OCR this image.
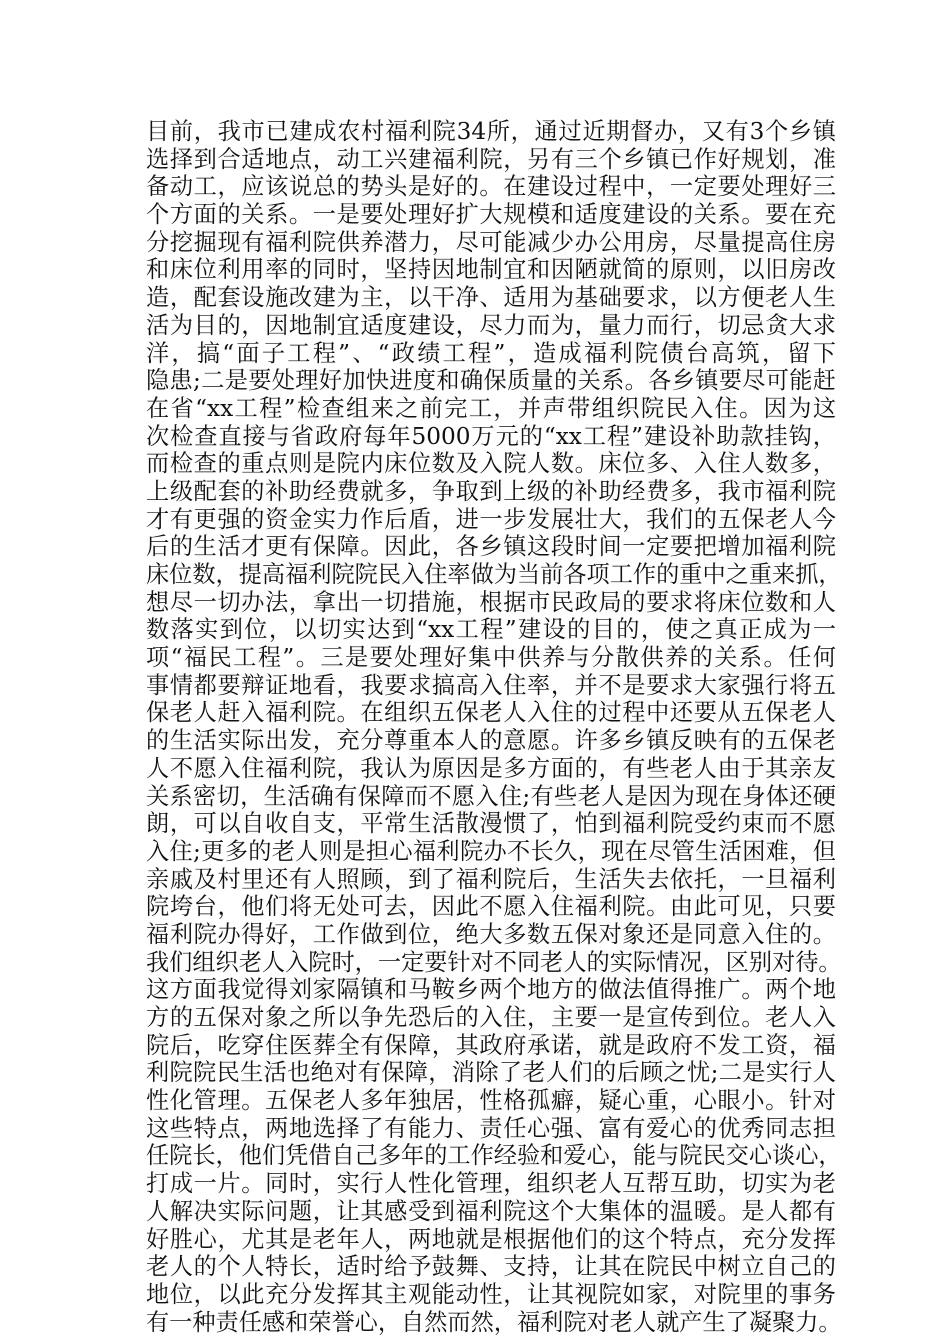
目前，我市已建成农村福利院34所，通过近期督办，又有3个乡镇
选择到合适地点，动工兴建福利院，另有三个乡镇已作好规划，准
备动工，应该说总的势头是好的。在建设过程中，一定要处理好三
个方面的关系。一是要处理好扩大规模和适度建设的关系。要在充
分挖掘现有福利院供养潜力，尽可能减少办公用房，尽量提高住房
和床位利用率的同时，坚持因地制宜和因陋就简的原则，以旧房改
造，配套设施改建为主，以干净、适用为基础要求，以方便老人生
活为目的，因地制宜适度建设，尽力而为，量力而行，切忌贪大求
洋，搞“面子工程”、“政绩工程”，造成福利院债台高筑，留下
隐患;二是要处理好加快进度和确保质量的关系。各乡镇要尽可能赶
在省“xx工程”检查组来之前完工，并声带组织院民入住。因为这
次检查直接与省政府每年5000万元的“xx工程”建设补助款挂钩，
而检查的重点则是院内床位数及入院人数。床位多、入住人数多，
上级配套的补助经费就多，争取到上级的补助经费多，我市福利院
才有更强的资金实力作后盾，进一步发展壮大，我们的五保老人今
后的生活才更有保障。因此，各乡镇这段时间一定要把增加福利院
床位数，提高福利院院民入住率做为当前各项工作的重中之重来抓，
想尽一切办法，拿出一切措施，根据市民政局的要求将床位数和人
数落实到位，以切实达到“xx工程”建设的目的，使之真正成为一
项“福民工程”。三是要处理好集中供养与分散供养的关系。任何
事情都要辩证地看，我要求搞高入住率，并不是要求大家强行将五
保老人赶入福利院。在组织五保老人入住的过程中还要从五保老人
的生活实际出发，充分尊重本人的意愿。许多乡镇反映有的五保老
人不愿入住福利院，我认为原因是多方面的，有些老人由于其亲友
关系密切，生活确有保障而不愿入住;有些老人是因为现在身体还硬
朗，可以自收自支，平常生活散漫惯了，怕到福利院受约束而不愿
入住;更多的老人则是担心福利院办不长久，现在尽管生活困难，但
亲戚及村里还有人照顾，到了福利院后，生活失去依托，一旦福利
院垮台，他们将无处可去，因此不愿入住福利院。由此可见，只要
福利院办得好，工作做到位，绝大多数五保对象还是同意入住的。
我们组织老人入院时，一定要针对不同老人的实际情况，区别对待。
这方面我觉得刘家隔镇和马鞍乡两个地方的做法值得推广。两个地
方的五保对象之所以争先恐后的入住，主要一是宣传到位。老人入
院后，吃穿住医葬全有保障，其政府承诺，就是政府不发工资，福
利院院民生活也绝对有保障，消除了老人们的后顾之忧;二是实行人
性化管理。五保老人多年独居，性格孤癖，疑心重，心眼小。针对
这些特点，两地选择了有能力、责任心强、富有爱心的优秀同志担
任院长，他们凭借自己多年的工作经验和爱心，能与院民交心谈心，
打成一片。同时，实行人性化管理，组织老人互帮互助，切实为老
人解决实际问题，让其感受到福利院这个大集体的温暖。是人都有
好胜心，尤其是老年人，两地就是根据他们的这个特点，充分发挥
老人的个人特长，适时给予鼓舞、支持，让其在院民中树立自己的
地位，以此充分发挥其主观能动性，让其视院如家，对院里的事务
有一种责任感和荣誉心，自然而然，福利院对老人就产生了凝聚力。
